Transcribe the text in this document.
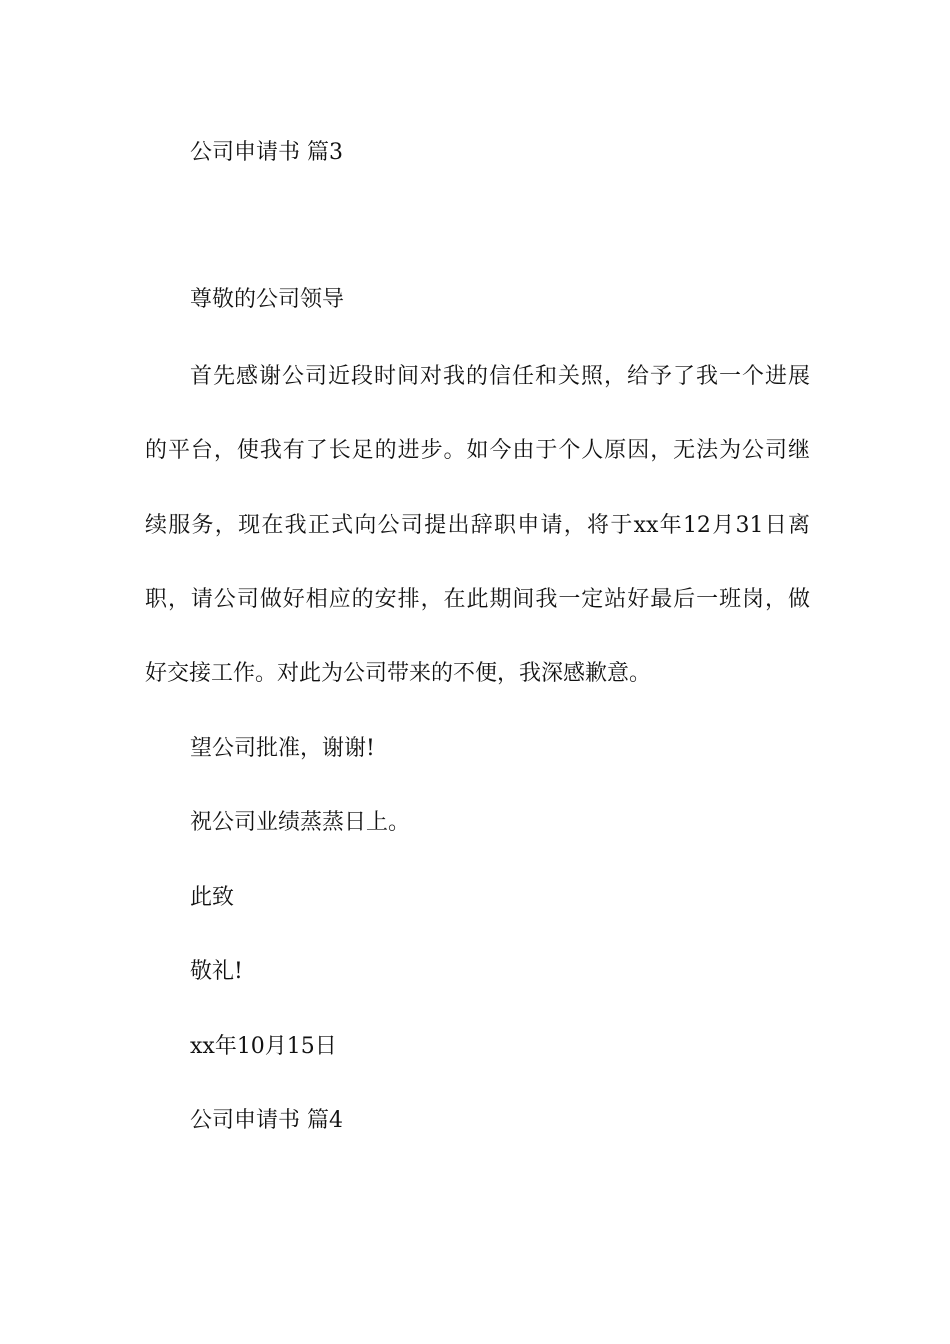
公司申请书 篇3
尊敬的公司领导
首先感谢公司近段时间对我的信任和关照，给予了我一个进展
的平台，使我有了长足的进步。如今由于个人原因，无法为公司继
续服务，现在我正式向公司提出辞职申请，将于xx年12月31日离
职，请公司做好相应的安排，在此期间我一定站好最后一班岗，做
好交接工作。对此为公司带来的不便，我深感歉意。
望公司批准，谢谢!
祝公司业绩蒸蒸日上。
此致
敬礼!
xx年10月15日
公司申请书 篇4
